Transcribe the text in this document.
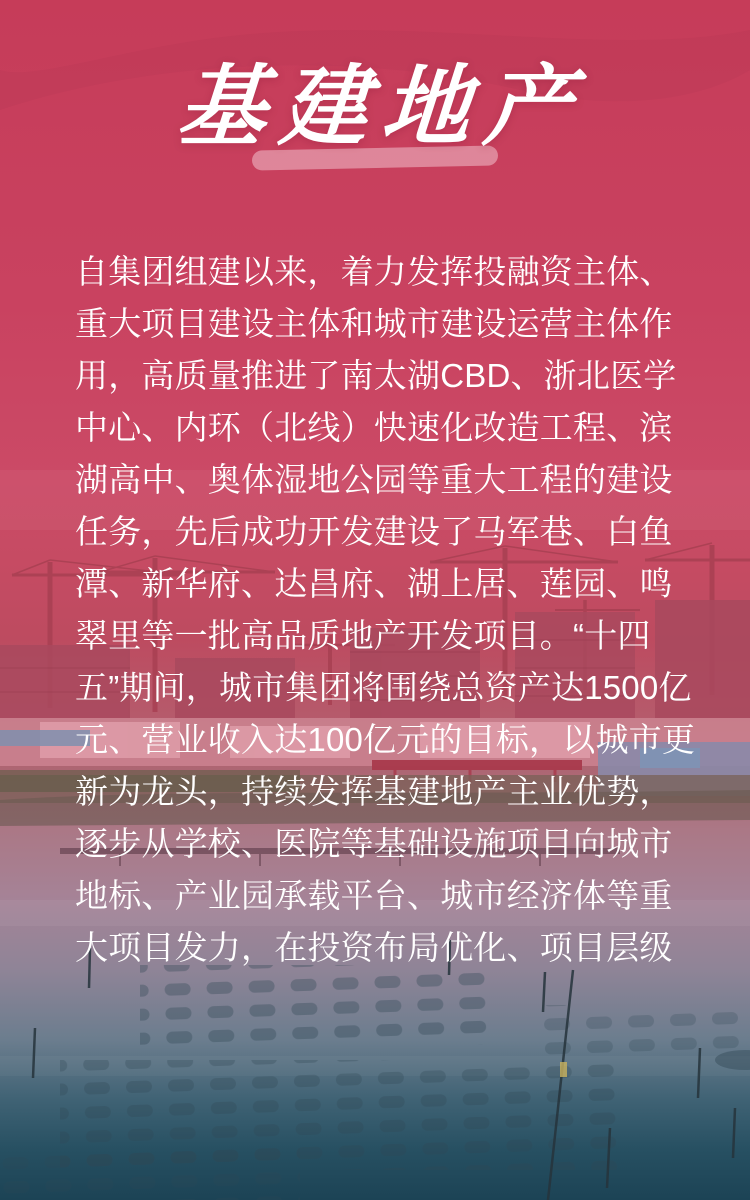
基建地产
自集团组建以来，着力发挥投融资主体、
重大项目建设主体和城市建设运营主体作
用，高质量推进了南太湖CBD、浙北医学
中心、内环（北线）快速化改造工程、滨
湖高中、奥体湿地公园等重大工程的建设
任务，先后成功开发建设了马军巷、白鱼
潭、新华府、达昌府、湖上居、莲园、鸣
翠里等一批高品质地产开发项目。“十四
五”期间，城市集团将围绕总资产达1500亿
元、营业收入达100亿元的目标，以城市更
新为龙头，持续发挥基建地产主业优势，
逐步从学校、医院等基础设施项目向城市
地标、产业园承载平台、城市经济体等重
大项目发力，在投资布局优化、项目层级
